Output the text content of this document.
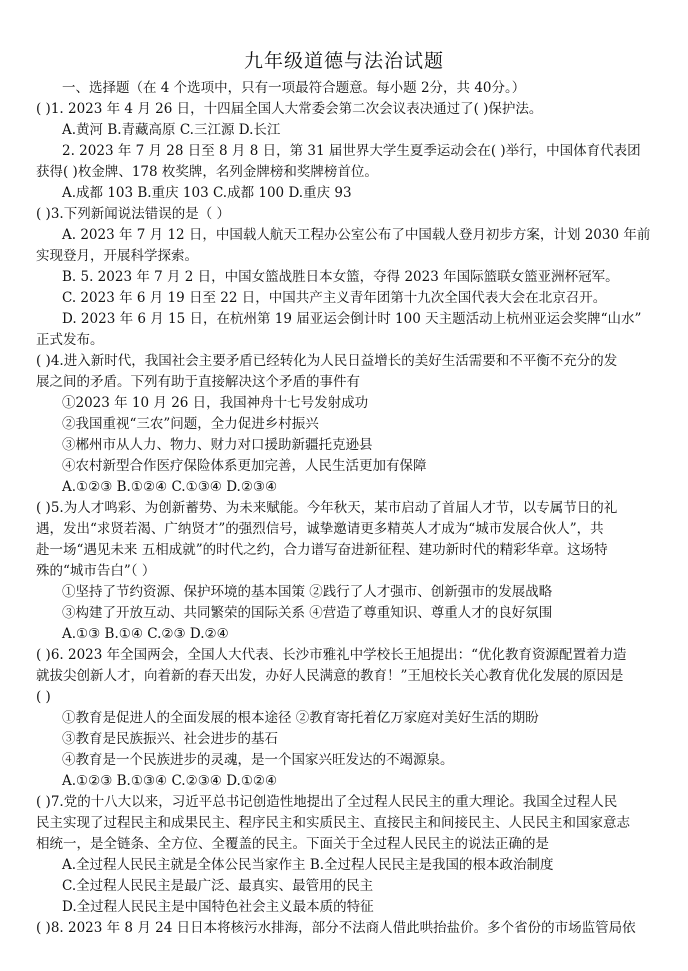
九年级道德与法治试题
一、选择题（在 4 个选项中，只有一项最符合题意。每小题 2分，共 40分。）
( )1. 2023 年 4 月 26 日，十四届全国人大常委会第二次会议表决通过了( )保护法。
A.黄河 B.青藏高原 C.三江源 D.长江
2. 2023 年 7 月 28 日至 8 月 8 日，第 31 届世界大学生夏季运动会在( )举行，中国体育代表团
获得( )枚金牌、178 枚奖牌，名列金牌榜和奖牌榜首位。
A.成都 103 B.重庆 103 C.成都 100 D.重庆 93
( )3.下列新闻说法错误的是（ ）
A. 2023 年 7 月 12 日，中国载人航天工程办公室公布了中国载人登月初步方案，计划 2030 年前
实现登月，开展科学探索。
B. 5. 2023 年 7 月 2 日，中国女篮战胜日本女篮，夺得 2023 年国际篮联女篮亚洲杯冠军。
C. 2023 年 6 月 19 日至 22 日，中国共产主义青年团第十九次全国代表大会在北京召开。
D. 2023 年 6 月 15 日，在杭州第 19 届亚运会倒计时 100 天主题活动上杭州亚运会奖牌“山水”
正式发布。
( )4.进入新时代，我国社会主要矛盾已经转化为人民日益增长的美好生活需要和不平衡不充分的发
展之间的矛盾。下列有助于直接解决这个矛盾的事件有
①2023 年 10 月 26 日，我国神舟十七号发射成功
②我国重视“三农”问题，全力促进乡村振兴
③郴州市从人力、物力、财力对口援助新疆托克逊县
④农村新型合作医疗保险体系更加完善，人民生活更加有保障
A.①②③ B.①②④ C.①③④ D.②③④
( )5.为人才鸣彩、为创新蓄势、为未来赋能。今年秋天，某市启动了首届人才节，以专属节日的礼
遇，发出“求贤若渴、广纳贤才”的强烈信号，诚挚邀请更多精英人才成为“城市发展合伙人”，共
赴一场“遇见未来 五相成就”的时代之约，合力谱写奋进新征程、建功新时代的精彩华章。这场特
殊的“城市告白”（ ）
①坚持了节约资源、保护环境的基本国策 ②践行了人才强市、创新强市的发展战略
③构建了开放互动、共同繁荣的国际关系 ④营造了尊重知识、尊重人才的良好氛围
A.①③ B.①④ C.②③ D.②④
( )6. 2023 年全国两会，全国人大代表、长沙市雅礼中学校长王旭提出：“优化教育资源配置着力造
就拔尖创新人才，向着新的春天出发，办好人民满意的教育！”王旭校长关心教育优化发展的原因是
( )
①教育是促进人的全面发展的根本途径 ②教育寄托着亿万家庭对美好生活的期盼
③教育是民族振兴、社会进步的基石
④教育是一个民族进步的灵魂，是一个国家兴旺发达的不竭源泉。
A.①②③ B.①③④ C.②③④ D.①②④
( )7.党的十八大以来，习近平总书记创造性地提出了全过程人民民主的重大理论。我国全过程人民
民主实现了过程民主和成果民主、程序民主和实质民主、直接民主和间接民主、人民民主和国家意志
相统一，是全链条、全方位、全覆盖的民主。下面关于全过程人民民主的说法正确的是
A.全过程人民民主就是全体公民当家作主 B.全过程人民民主是我国的根本政治制度
C.全过程人民民主是最广泛、最真实、最管用的民主
D.全过程人民民主是中国特色社会主义最本质的特征
( )8. 2023 年 8 月 24 日日本将核污水排海，部分不法商人借此哄抬盐价。多个省份的市场监管局依
